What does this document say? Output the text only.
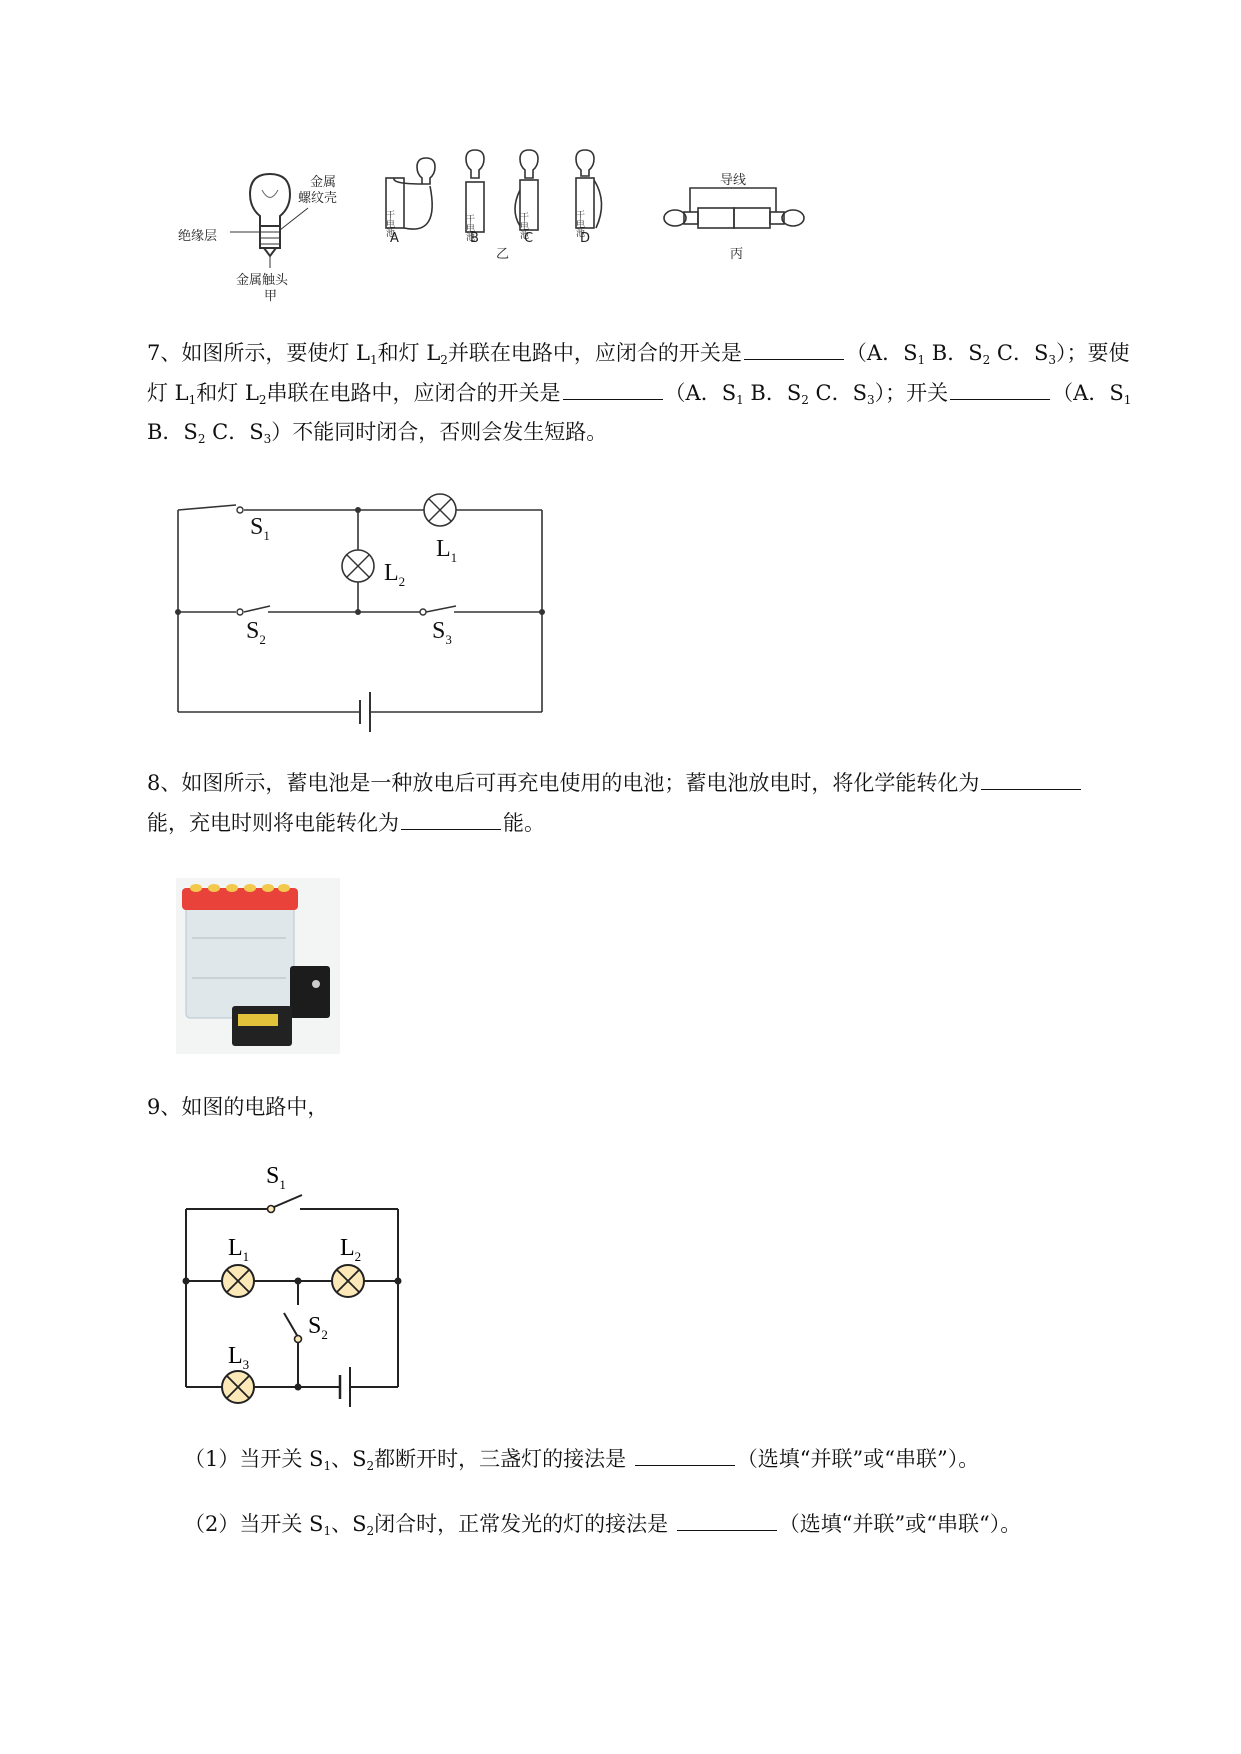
金属
螺纹壳
绝缘层
金属触头
甲
干电池	干电池	干电池	干电池
A	B	C	D
乙
导线
丙
7、如图所示，要使灯 $L_1$和灯 $L_2$并联在电路中，应闭合的开关是	（A．$S_1$ B．$S_2$ C．$S_3$）；要使
灯 $L_1$和灯 $L_2$串联在电路中，应闭合的开关是	（A．$S_1$ B．$S_2$ C．$S_3$）；开关	（A．$S_1$
B．$S_2$ C．$S_3$）不能同时闭合，否则会发生短路。
$S_1$
$L_1$
$L_2$
$S_2$	$S_3$
8、如图所示，蓄电池是一种放电后可再充电使用的电池；蓄电池放电时，将化学能转化为
能，充电时则将电能转化为	能。
9、如图的电路中，
$S_1$
$L_1$	$L_2$
$S_2$
$L_3$
（1）当开关 $S_1$、$S_2$都断开时，三盏灯的接法是	（选填“并联”或“串联”）。
（2）当开关 $S_1$、$S_2$闭合时，正常发光的灯的接法是	（选填“并联”或“串联“）。
